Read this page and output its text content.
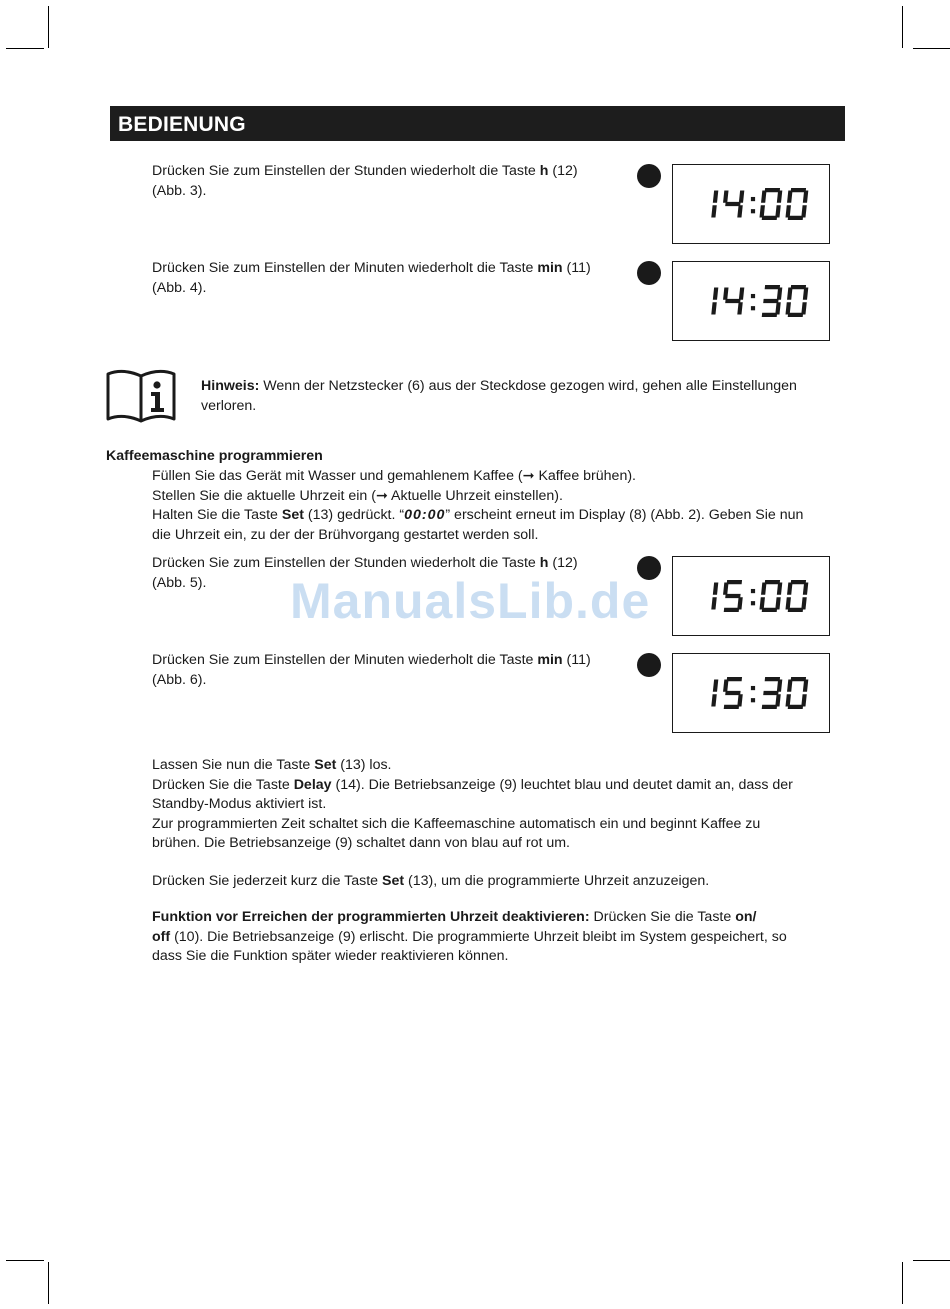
BEDIENUNG

Drücken Sie zum Einstellen der Stunden wiederholt die Taste h (12)
(Abb. 3).

Drücken Sie zum Einstellen der Minuten wiederholt die Taste min (11)
(Abb. 4).

Hinweis: Wenn der Netzstecker (6) aus der Steckdose gezogen wird, gehen alle Einstellungen
verloren.

Kaffeemaschine programmieren

Füllen Sie das Gerät mit Wasser und gemahlenem Kaffee (➞ Kaffee brühen).
Stellen Sie die aktuelle Uhrzeit ein (➞ Aktuelle Uhrzeit einstellen).
Halten Sie die Taste Set (13) gedrückt. “00:00” erscheint erneut im Display (8) (Abb. 2). Geben Sie nun
die Uhrzeit ein, zu der der Brühvorgang gestartet werden soll.

Drücken Sie zum Einstellen der Stunden wiederholt die Taste h (12)
(Abb. 5).	ManualsLib.de

Drücken Sie zum Einstellen der Minuten wiederholt die Taste min (11)
(Abb. 6).

Lassen Sie nun die Taste Set (13) los.
Drücken Sie die Taste Delay (14). Die Betriebsanzeige (9) leuchtet blau und deutet damit an, dass der
Standby-Modus aktiviert ist.
Zur programmierten Zeit schaltet sich die Kaffeemaschine automatisch ein und beginnt Kaffee zu
brühen. Die Betriebsanzeige (9) schaltet dann von blau auf rot um.

Drücken Sie jederzeit kurz die Taste Set (13), um die programmierte Uhrzeit anzuzeigen.

Funktion vor Erreichen der programmierten Uhrzeit deaktivieren: Drücken Sie die Taste on/
off (10). Die Betriebsanzeige (9) erlischt. Die programmierte Uhrzeit bleibt im System gespeichert, so
dass Sie die Funktion später wieder reaktivieren können.
